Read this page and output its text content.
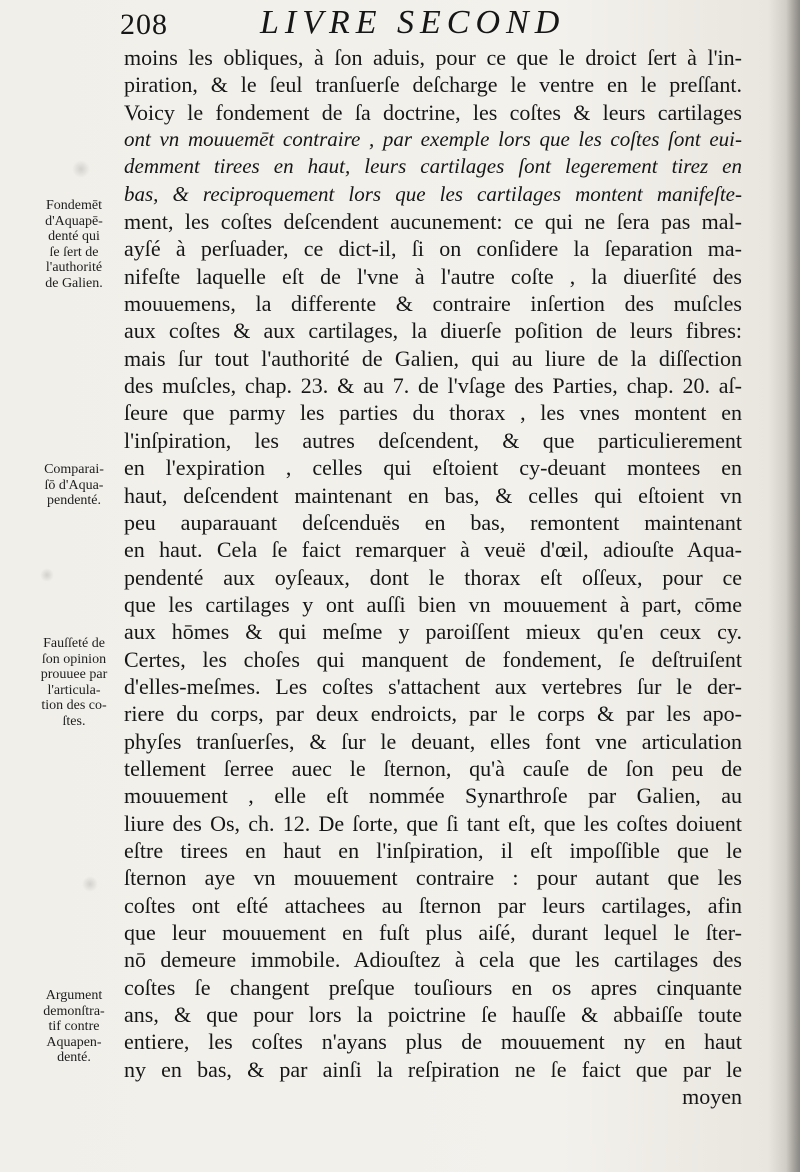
208	LIVRE SECOND
moins les obliques, à ſon aduis, pour ce que le droict ſert à l'in-
piration, & le ſeul tranſuerſe deſcharge le ventre en le preſſant.
Voicy le fondement de ſa doctrine, les coſtes & leurs cartilages
ont vn mouuemēt contraire , par exemple lors que les coſtes ſont eui-
demment tirees en haut, leurs cartilages ſont legerement tirez en
bas, & reciproquement lors que les cartilages montent manifeſte-
ment, les coſtes deſcendent aucunement: ce qui ne ſera pas mal-
ayſé à perſuader, ce dict-il, ſi on conſidere la ſeparation ma-
nifeſte laquelle eſt de l'vne à l'autre coſte , la diuerſité des
mouuemens, la differente & contraire inſertion des muſcles
aux coſtes & aux cartilages, la diuerſe poſition de leurs fibres:
mais ſur tout l'authorité de Galien, qui au liure de la diſſection
des muſcles, chap. 23. & au 7. de l'vſage des Parties, chap. 20. aſ-
ſeure que parmy les parties du thorax , les vnes montent en
l'inſpiration, les autres deſcendent, & que particulierement
en l'expiration , celles qui eſtoient cy-deuant montees en
haut, deſcendent maintenant en bas, & celles qui eſtoient vn
peu auparauant deſcenduës en bas, remontent maintenant
en haut. Cela ſe faict remarquer à veuë d'œil, adiouſte Aqua-
pendenté aux oyſeaux, dont le thorax eſt oſſeux, pour ce
que les cartilages y ont auſſi bien vn mouuement à part, cōme
aux hōmes & qui meſme y paroiſſent mieux qu'en ceux cy.
Certes, les choſes qui manquent de fondement, ſe deſtruiſent
d'elles-meſmes. Les coſtes s'attachent aux vertebres ſur le der-
riere du corps, par deux endroicts, par le corps & par les apo-
phyſes tranſuerſes, & ſur le deuant, elles font vne articulation
tellement ſerree auec le ſternon, qu'à cauſe de ſon peu de
mouuement , elle eſt nommée Synarthroſe par Galien, au
liure des Os, ch. 12. De ſorte, que ſi tant eſt, que les coſtes doiuent
eſtre tirees en haut en l'inſpiration, il eſt impoſſible que le
ſternon aye vn mouuement contraire : pour autant que les
coſtes ont eſté attachees au ſternon par leurs cartilages, afin
que leur mouuement en fuſt plus aiſé, durant lequel le ſter-
nō demeure immobile. Adiouſtez à cela que les cartilages des
coſtes ſe changent preſque touſiours en os apres cinquante
ans, & que pour lors la poictrine ſe hauſſe & abbaiſſe toute
entiere, les coſtes n'ayans plus de mouuement ny en haut
ny en bas, & par ainſi la reſpiration ne ſe faict que par le
moyen
Fondemēt
d'Aquapē-
denté qui
ſe ſert de
l'authorité
de Galien.
Comparai-
ſō d'Aqua-
pendenté.
Fauſſeté de
ſon opinion
prouuee par
l'articula-
tion des co-
ſtes.
Argument
demonſtra-
tif contre
Aquapen-
denté.
